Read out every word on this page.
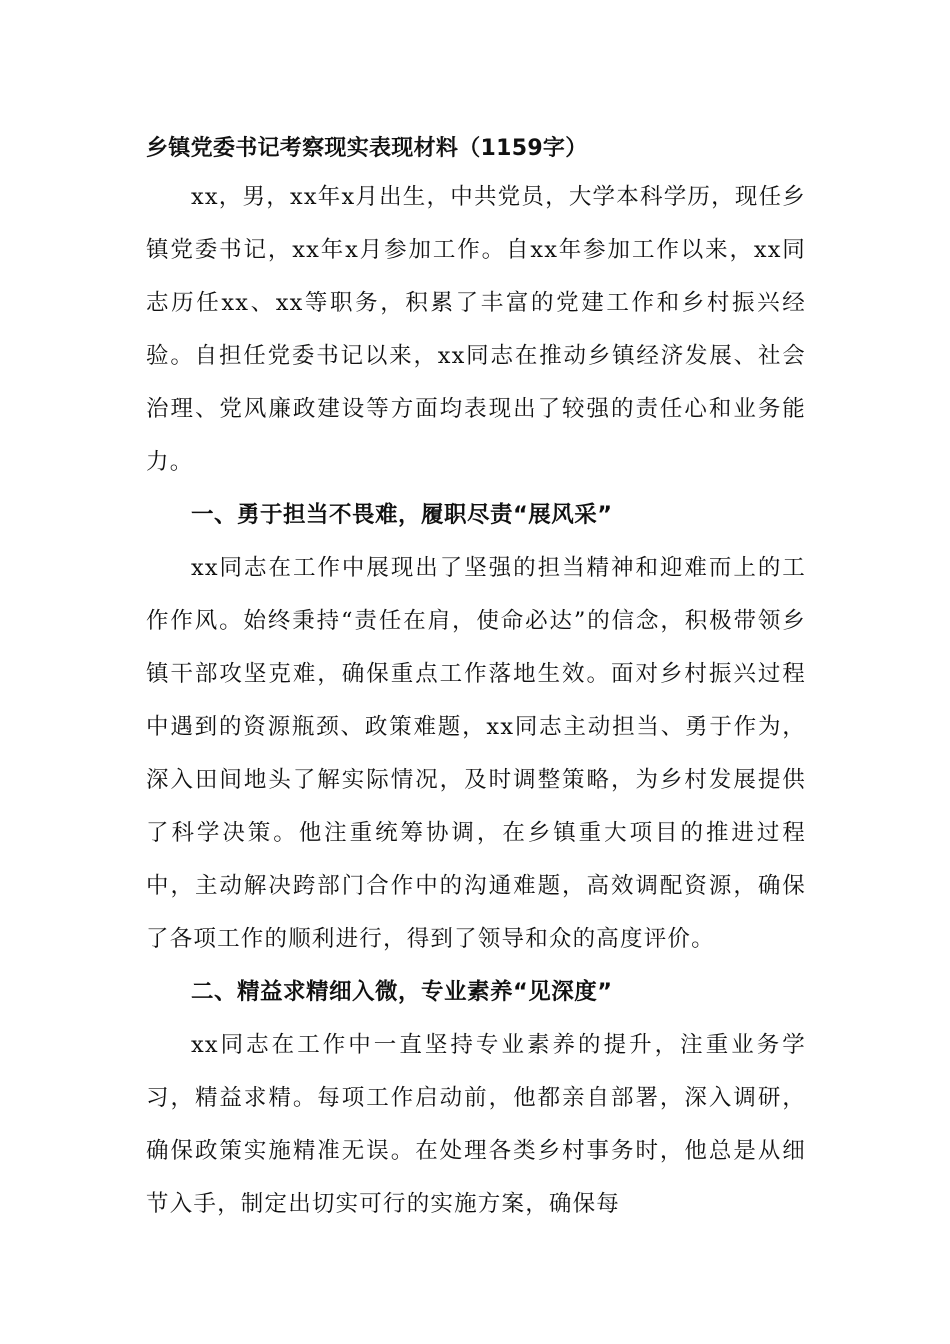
乡镇党委书记考察现实表现材料（1159字）

xx，男，xx年x月出生，中共党员，大学本科学历，现任乡镇党委书记，xx年x月参加工作。自xx年参加工作以来，xx同志历任xx、xx等职务，积累了丰富的党建工作和乡村振兴经验。自担任党委书记以来，xx同志在推动乡镇经济发展、社会治理、党风廉政建设等方面均表现出了较强的责任心和业务能力。

一、勇于担当不畏难，履职尽责“展风采”

xx同志在工作中展现出了坚强的担当精神和迎难而上的工作作风。始终秉持“责任在肩，使命必达”的信念，积极带领乡镇干部攻坚克难，确保重点工作落地生效。面对乡村振兴过程中遇到的资源瓶颈、政策难题，xx同志主动担当、勇于作为，深入田间地头了解实际情况，及时调整策略，为乡村发展提供了科学决策。他注重统筹协调，在乡镇重大项目的推进过程中，主动解决跨部门合作中的沟通难题，高效调配资源，确保了各项工作的顺利进行，得到了领导和众的高度评价。

二、精益求精细入微，专业素养“见深度”

xx同志在工作中一直坚持专业素养的提升，注重业务学习，精益求精。每项工作启动前，他都亲自部署，深入调研，确保政策实施精准无误。在处理各类乡村事务时，他总是从细节入手，制定出切实可行的实施方案，确保每
